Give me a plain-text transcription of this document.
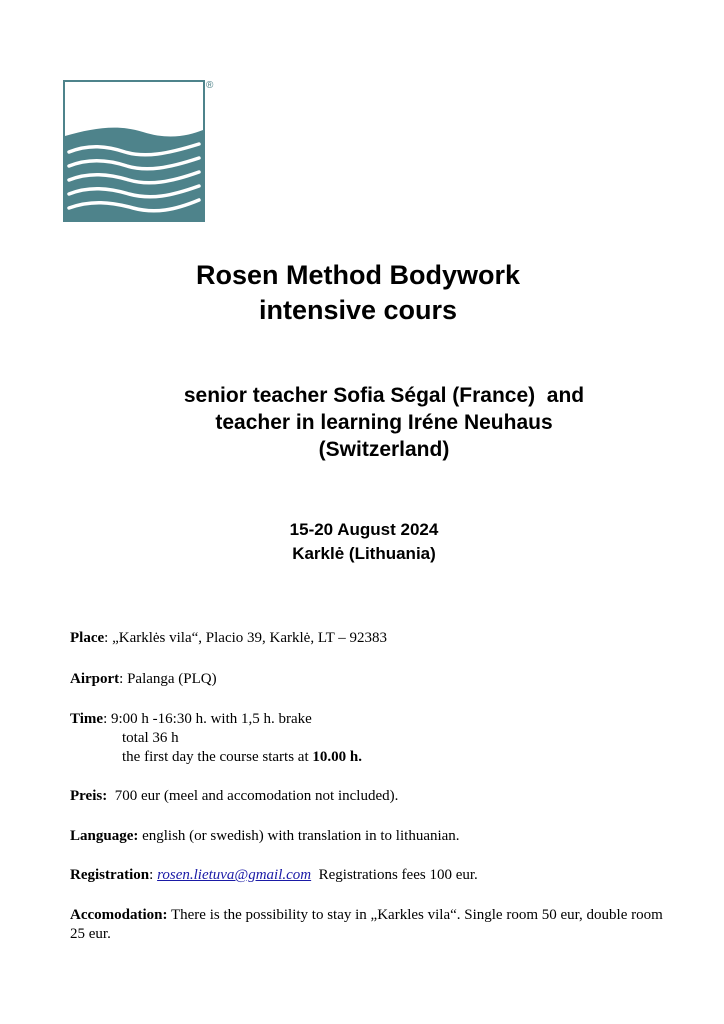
®
Rosen Method Bodywork
intensive cours
senior teacher Sofia Ségal (France)  and
teacher in learning Iréne Neuhaus
(Switzerland)
15-20 August 2024
Karklė (Lithuania)
Place: „Karklės vila“, Placio 39, Karklė, LT – 92383
Airport: Palanga (PLQ)
Time: 9:00 h -16:30 h. with 1,5 h. brake
total 36 h
the first day the course starts at 10.00 h.
Preis: 700 eur (meel and accomodation not included).
Language: english (or swedish) with translation in to lithuanian.
Registration: rosen.lietuva@gmail.com Registrations fees 100 eur.
Accomodation: There is the possibility to stay in „Karkles vila“. Single room 50 eur, double room 25 eur.
